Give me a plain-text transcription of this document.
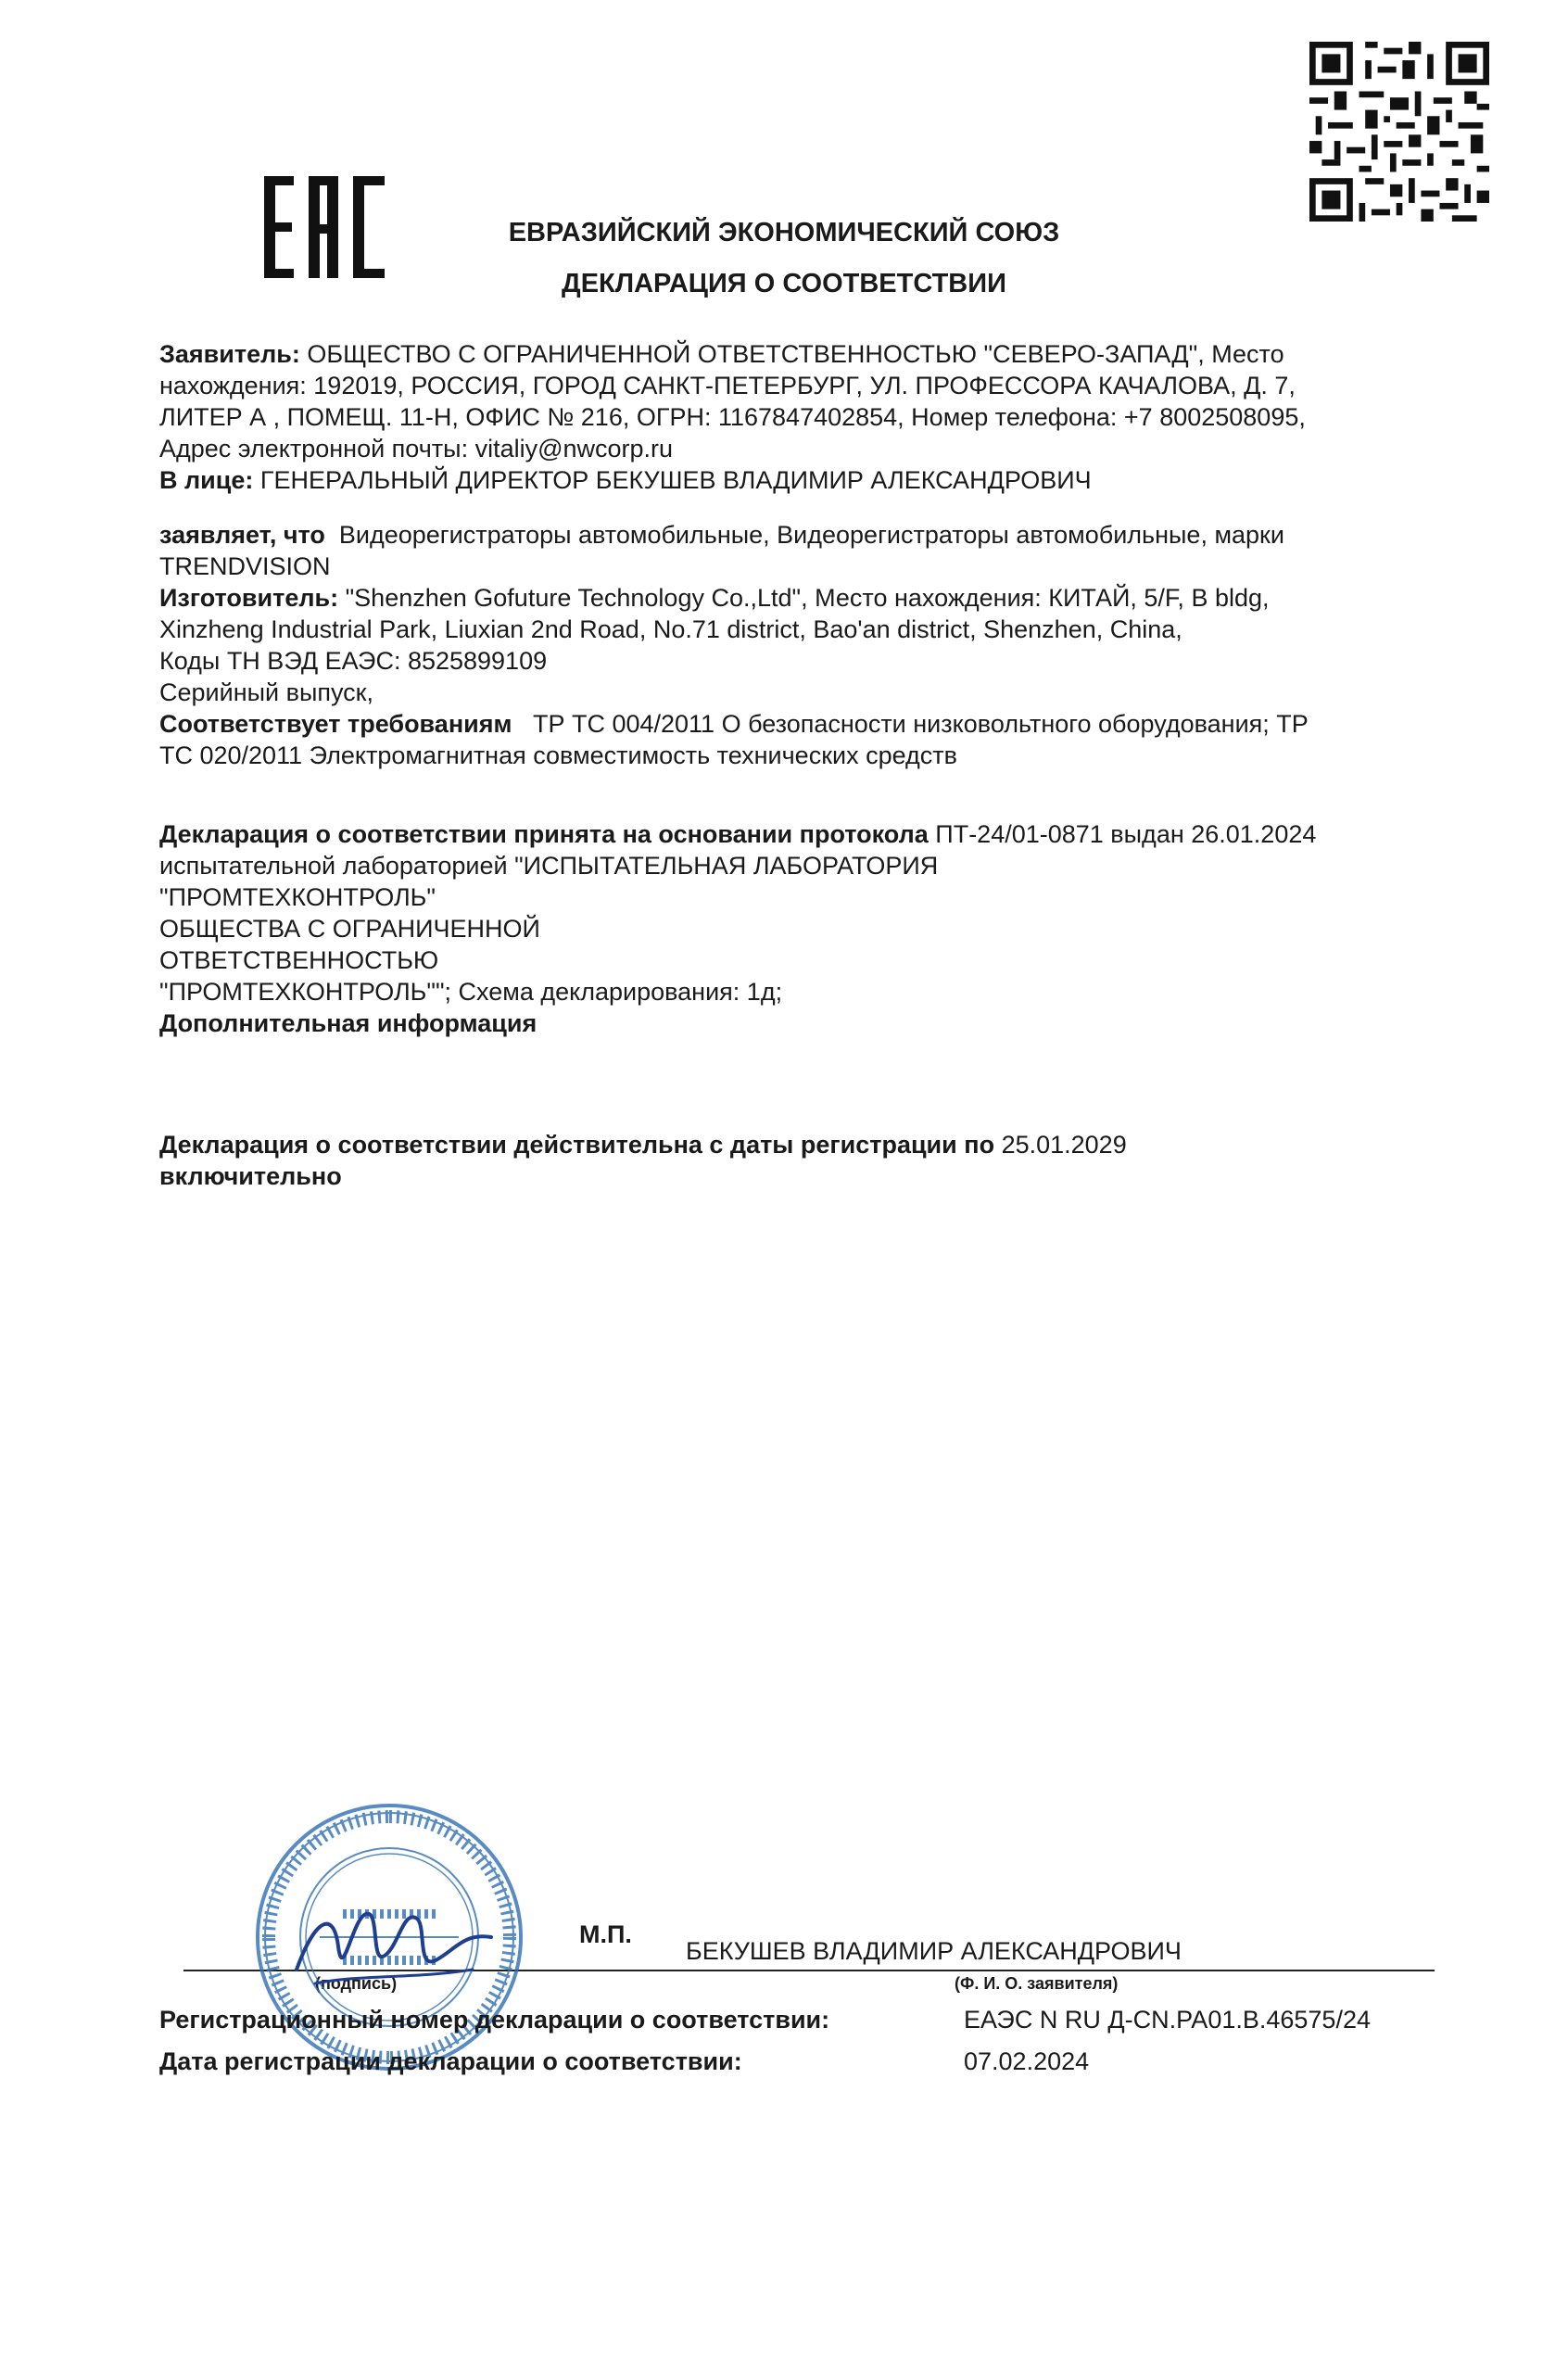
ЕВРАЗИЙСКИЙ ЭКОНОМИЧЕСКИЙ СОЮЗ
ДЕКЛАРАЦИЯ О СООТВЕТСТВИИ
Заявитель: ОБЩЕСТВО С ОГРАНИЧЕННОЙ ОТВЕТСТВЕННОСТЬЮ "СЕВЕРО-ЗАПАД", Место
нахождения: 192019, РОССИЯ, ГОРОД САНКТ-ПЕТЕРБУРГ, УЛ. ПРОФЕССОРА КАЧАЛОВА, Д. 7,
ЛИТЕР А , ПОМЕЩ. 11-Н, ОФИС № 216, ОГРН: 1167847402854, Номер телефона: +7 8002508095,
Адрес электронной почты: vitaliy@nwcorp.ru
В лице: ГЕНЕРАЛЬНЫЙ ДИРЕКТОР БЕКУШЕВ ВЛАДИМИР АЛЕКСАНДРОВИЧ
заявляет, что Видеорегистраторы автомобильные, Видеорегистраторы автомобильные, марки
TRENDVISION
Изготовитель: "Shenzhen Gofuture Technology Co.,Ltd", Место нахождения: КИТАЙ, 5/F, B bldg,
Xinzheng Industrial Park, Liuxian 2nd Road, No.71 district, Bao'an district, Shenzhen, China,
Коды ТН ВЭД ЕАЭС: 8525899109
Серийный выпуск,
Соответствует требованиям ТР ТС 004/2011 О безопасности низковольтного оборудования; ТР
ТС 020/2011 Электромагнитная совместимость технических средств
Декларация о соответствии принята на основании протокола ПТ-24/01-0871 выдан 26.01.2024
испытательной лабораторией "ИСПЫТАТЕЛЬНАЯ ЛАБОРАТОРИЯ
"ПРОМТЕХКОНТРОЛЬ"
ОБЩЕСТВА С ОГРАНИЧЕННОЙ
ОТВЕТСТВЕННОСТЬЮ
"ПРОМТЕХКОНТРОЛЬ""; Схема декларирования: 1д;
Дополнительная информация
Декларация о соответствии действительна с даты регистрации по 25.01.2029
включительно
М.П.
БЕКУШЕВ ВЛАДИМИР АЛЕКСАНДРОВИЧ
(подпись)	(Ф. И. О. заявителя)
Регистрационный номер декларации о соответствии:	ЕАЭС N RU Д-CN.РА01.В.46575/24
Дата регистрации декларации о соответствии:	07.02.2024
